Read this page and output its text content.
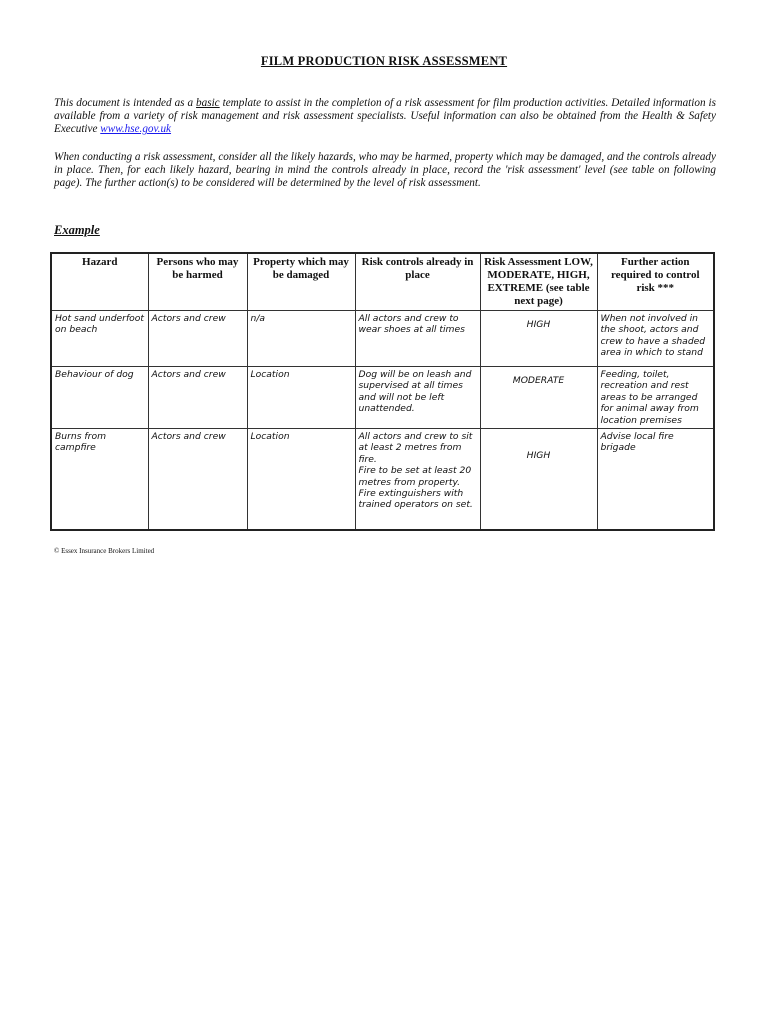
FILM PRODUCTION RISK ASSESSMENT

This document is intended as a basic template to assist in the completion of a risk assessment for film production activities. Detailed information is available from a variety of risk management and risk assessment specialists. Useful information can also be obtained from the Health & Safety Executive www.hse.gov.uk

When conducting a risk assessment, consider all the likely hazards, who may be harmed, property which may be damaged, and the controls already in place. Then, for each likely hazard, bearing in mind the controls already in place, record the 'risk assessment' level (see table on following page). The further action(s) to be considered will be determined by the level of risk assessment.

Example
Hazard	Persons who may be harmed	Property which may be damaged	Risk controls already in place	Risk Assessment LOW, MODERATE, HIGH, EXTREME (see table next page)	Further action required to control risk ***
Hot sand underfoot on beach	Actors and crew	n/a	All actors and crew to wear shoes at all times	HIGH	When not involved in the shoot, actors and crew to have a shaded area in which to stand
Behaviour of dog	Actors and crew	Location	Dog will be on leash and supervised at all times and will not be left unattended.	MODERATE	Feeding, toilet, recreation and rest areas to be arranged for animal away from location premises
Burns from campfire	Actors and crew	Location	All actors and crew to sit at least 2 metres from fire.
Fire to be set at least 20 metres from property.
Fire extinguishers with trained operators on set.	HIGH	Advise local fire brigade
© Essex Insurance Brokers Limited
